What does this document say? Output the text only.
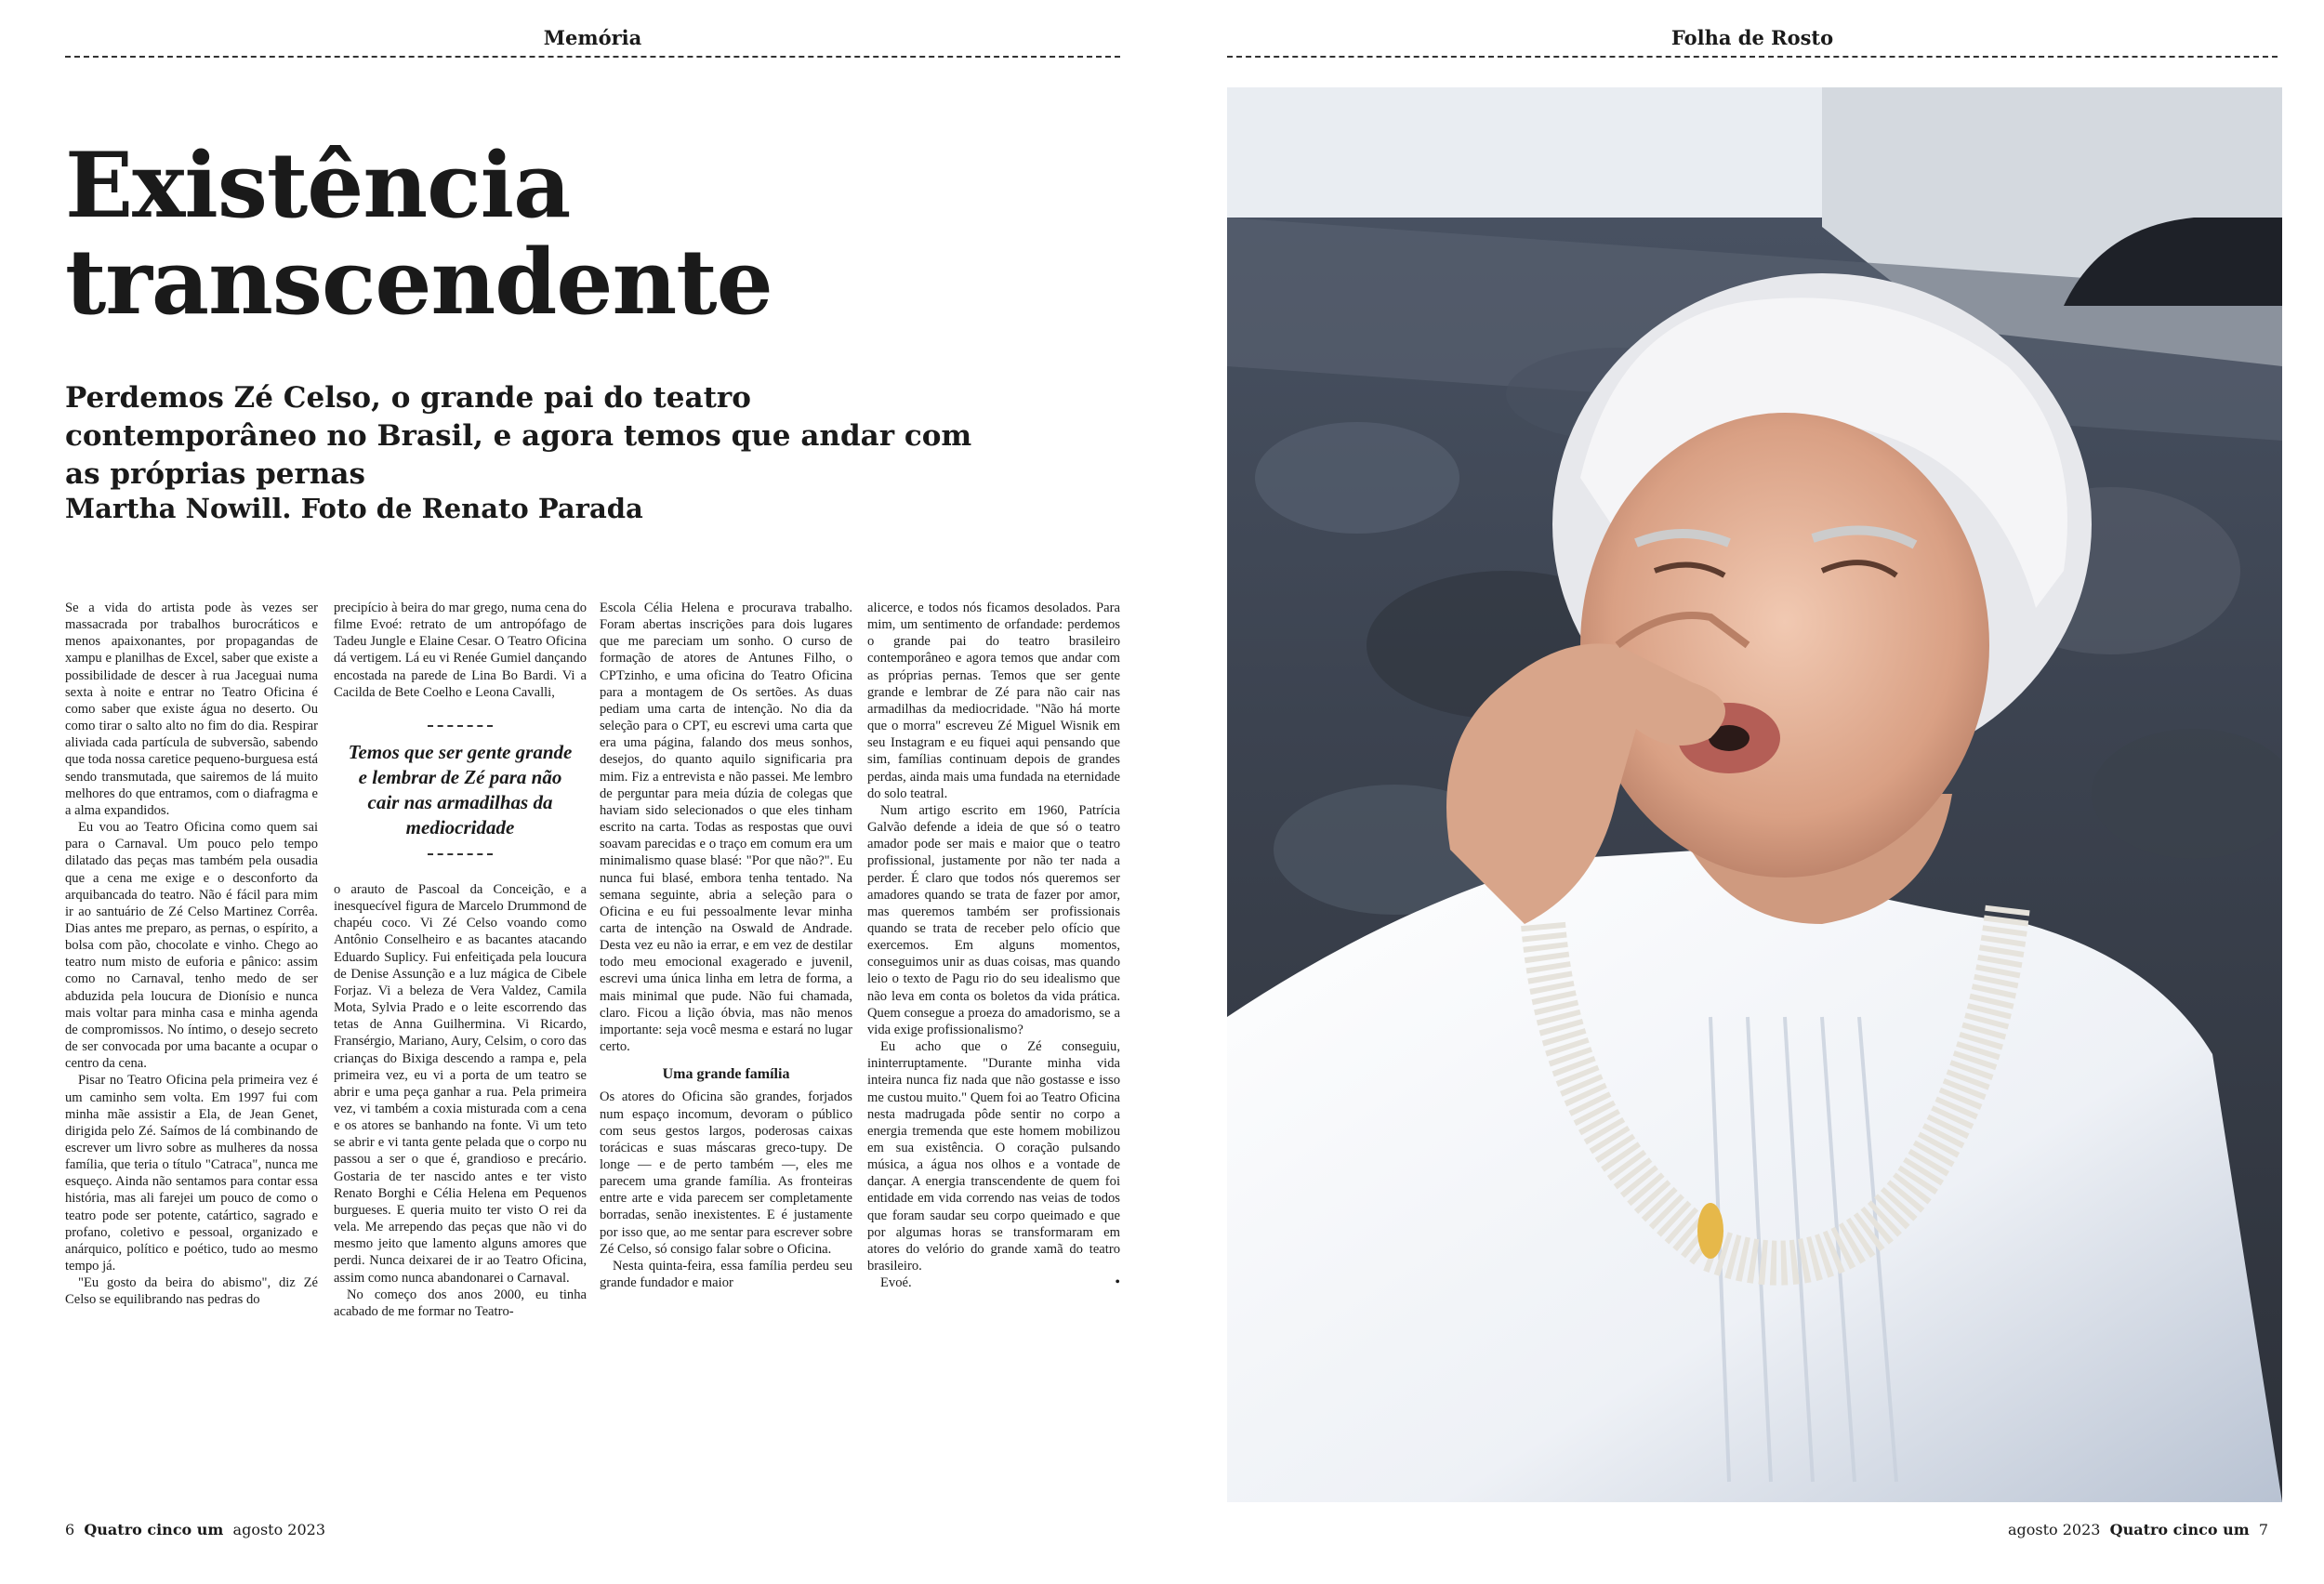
Memória
Existência
transcendente

Perdemos Zé Celso, o grande pai do teatro contemporâneo no Brasil, e agora temos que andar com as próprias pernas

Martha Nowill. Foto de Renato Parada

Se a vida do artista pode às vezes ser massacrada por trabalhos burocráticos e menos apaixonantes, por propagandas de xampu e planilhas de Excel, saber que existe a possibilidade de descer à rua Jaceguai numa sexta à noite e entrar no Teatro Oficina é como saber que existe água no deserto. Ou como tirar o salto alto no fim do dia. Respirar aliviada cada partícula de subversão, sabendo que toda nossa caretice pequeno-burguesa está sendo transmutada, que sairemos de lá muito melhores do que entramos, com o diafragma e a alma expandidos.

Eu vou ao Teatro Oficina como quem sai para o Carnaval. Um pouco pelo tempo dilatado das peças mas também pela ousadia que a cena me exige e o desconforto da arquibancada do teatro. Não é fácil para mim ir ao santuário de Zé Celso Martinez Corrêa. Dias antes me preparo, as pernas, o espírito, a bolsa com pão, chocolate e vinho. Chego ao teatro num misto de euforia e pânico: assim como no Carnaval, tenho medo de ser abduzida pela loucura de Dionísio e nunca mais voltar para minha casa e minha agenda de compromissos. No íntimo, o desejo secreto de ser convocada por uma bacante a ocupar o centro da cena.

Pisar no Teatro Oficina pela primeira vez é um caminho sem volta. Em 1997 fui com minha mãe assistir a Ela, de Jean Genet, dirigida pelo Zé. Saímos de lá combinando de escrever um livro sobre as mulheres da nossa família, que teria o título "Catraca", nunca me esqueço. Ainda não sentamos para contar essa história, mas ali farejei um pouco de como o teatro pode ser potente, catártico, sagrado e profano, coletivo e pessoal, organizado e anárquico, político e poético, tudo ao mesmo tempo já.

"Eu gosto da beira do abismo", diz Zé Celso se equilibrando nas pedras do

precipício à beira do mar grego, numa cena do filme Evoé: retrato de um antropófago de Tadeu Jungle e Elaine Cesar. O Teatro Oficina dá vertigem. Lá eu vi Renée Gumiel dançando encostada na parede de Lina Bo Bardi. Vi a Cacilda de Bete Coelho e Leona Cavalli,

Temos que ser gente grande e lembrar de Zé para não cair nas armadilhas da mediocridade

o arauto de Pascoal da Conceição, e a inesquecível figura de Marcelo Drummond de chapéu coco. Vi Zé Celso voando como Antônio Conselheiro e as bacantes atacando Eduardo Suplicy. Fui enfeitiçada pela loucura de Denise Assunção e a luz mágica de Cibele Forjaz. Vi a beleza de Vera Valdez, Camila Mota, Sylvia Prado e o leite escorrendo das tetas de Anna Guilhermina. Vi Ricardo, Fransérgio, Mariano, Aury, Celsim, o coro das crianças do Bixiga descendo a rampa e, pela primeira vez, eu vi a porta de um teatro se abrir e uma peça ganhar a rua. Pela primeira vez, vi também a coxia misturada com a cena e os atores se banhando na fonte. Vi um teto se abrir e vi tanta gente pelada que o corpo nu passou a ser o que é, grandioso e precário. Gostaria de ter nascido antes e ter visto Renato Borghi e Célia Helena em Pequenos burgueses. E queria muito ter visto O rei da vela. Me arrependo das peças que não vi do mesmo jeito que lamento alguns amores que perdi. Nunca deixarei de ir ao Teatro Oficina, assim como nunca abandonarei o Carnaval.

No começo dos anos 2000, eu tinha acabado de me formar no Teatro-

Escola Célia Helena e procurava trabalho. Foram abertas inscrições para dois lugares que me pareciam um sonho. O curso de formação de atores de Antunes Filho, o CPTzinho, e uma oficina do Teatro Oficina para a montagem de Os sertões. As duas pediam uma carta de intenção. No dia da seleção para o CPT, eu escrevi uma carta que era uma página, falando dos meus sonhos, desejos, do quanto aquilo significaria pra mim. Fiz a entrevista e não passei. Me lembro de perguntar para meia dúzia de colegas que haviam sido selecionados o que eles tinham escrito na carta. Todas as respostas que ouvi soavam parecidas e o traço em comum era um minimalismo quase blasé: "Por que não?". Eu nunca fui blasé, embora tenha tentado. Na semana seguinte, abria a seleção para o Oficina e eu fui pessoalmente levar minha carta de intenção na Oswald de Andrade. Desta vez eu não ia errar, e em vez de destilar todo meu emocional exagerado e juvenil, escrevi uma única linha em letra de forma, a mais minimal que pude. Não fui chamada, claro. Ficou a lição óbvia, mas não menos importante: seja você mesma e estará no lugar certo.

Uma grande família

Os atores do Oficina são grandes, forjados num espaço incomum, devoram o público com seus gestos largos, poderosas caixas torácicas e suas máscaras greco-tupy. De longe — e de perto também —, eles me parecem uma grande família. As fronteiras entre arte e vida parecem ser completamente borradas, senão inexistentes. E é justamente por isso que, ao me sentar para escrever sobre Zé Celso, só consigo falar sobre o Oficina.

Nesta quinta-feira, essa família perdeu seu grande fundador e maior

alicerce, e todos nós ficamos desolados. Para mim, um sentimento de orfandade: perdemos o grande pai do teatro brasileiro contemporâneo e agora temos que andar com as próprias pernas. Temos que ser gente grande e lembrar de Zé para não cair nas armadilhas da mediocridade. "Não há morte que o morra" escreveu Zé Miguel Wisnik em seu Instagram e eu fiquei aqui pensando que sim, famílias continuam depois de grandes perdas, ainda mais uma fundada na eternidade do solo teatral.

Num artigo escrito em 1960, Patrícia Galvão defende a ideia de que só o teatro amador pode ser mais e maior que o teatro profissional, justamente por não ter nada a perder. É claro que todos nós queremos ser amadores quando se trata de fazer por amor, mas queremos também ser profissionais quando se trata de receber pelo ofício que exercemos. Em alguns momentos, conseguimos unir as duas coisas, mas quando leio o texto de Pagu rio do seu idealismo que não leva em conta os boletos da vida prática. Quem consegue a proeza do amadorismo, se a vida exige profissionalismo?

Eu acho que o Zé conseguiu, ininterruptamente. "Durante minha vida inteira nunca fiz nada que não gostasse e isso me custou muito." Quem foi ao Teatro Oficina nesta madrugada pôde sentir no corpo a energia tremenda que este homem mobilizou em sua existência. O coração pulsando música, a água nos olhos e a vontade de dançar. A energia transcendente de quem foi entidade em vida correndo nas veias de todos que foram saudar seu corpo queimado e que por algumas horas se transformaram em atores do velório do grande xamã do teatro brasileiro.

Evoé.	•

6 Quatro cinco um agosto 2023
Folha de Rosto
agosto 2023 Quatro cinco um 7
